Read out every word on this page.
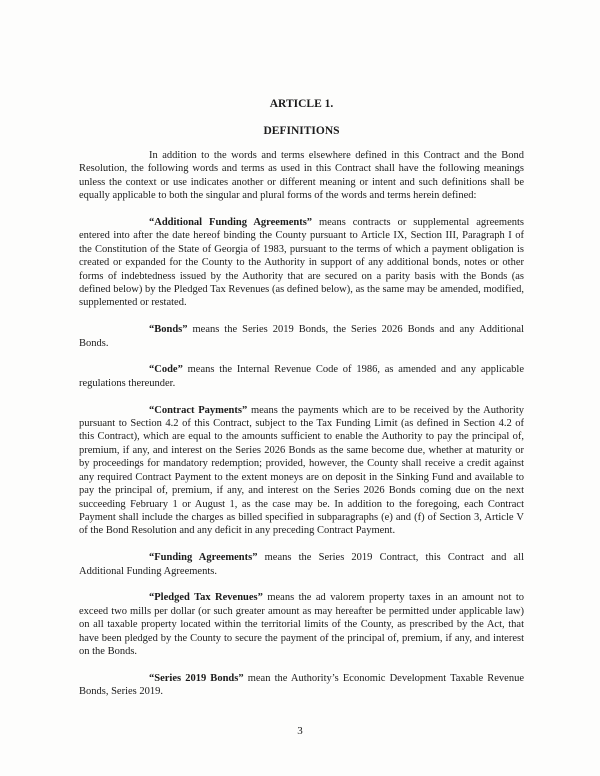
ARTICLE 1.
DEFINITIONS

In addition to the words and terms elsewhere defined in this Contract and the Bond Resolution, the following words and terms as used in this Contract shall have the following meanings unless the context or use indicates another or different meaning or intent and such definitions shall be equally applicable to both the singular and plural forms of the words and terms herein defined:

“Additional Funding Agreements” means contracts or supplemental agreements entered into after the date hereof binding the County pursuant to Article IX, Section III, Paragraph I of the Constitution of the State of Georgia of 1983, pursuant to the terms of which a payment obligation is created or expanded for the County to the Authority in support of any additional bonds, notes or other forms of indebtedness issued by the Authority that are secured on a parity basis with the Bonds (as defined below) by the Pledged Tax Revenues (as defined below), as the same may be amended, modified, supplemented or restated.

“Bonds” means the Series 2019 Bonds, the Series 2026 Bonds and any Additional Bonds.

“Code” means the Internal Revenue Code of 1986, as amended and any applicable regulations thereunder.

“Contract Payments” means the payments which are to be received by the Authority pursuant to Section 4.2 of this Contract, subject to the Tax Funding Limit (as defined in Section 4.2 of this Contract), which are equal to the amounts sufficient to enable the Authority to pay the principal of, premium, if any, and interest on the Series 2026 Bonds as the same become due, whether at maturity or by proceedings for mandatory redemption; provided, however, the County shall receive a credit against any required Contract Payment to the extent moneys are on deposit in the Sinking Fund and available to pay the principal of, premium, if any, and interest on the Series 2026 Bonds coming due on the next succeeding February 1 or August 1, as the case may be. In addition to the foregoing, each Contract Payment shall include the charges as billed specified in subparagraphs (e) and (f) of Section 3, Article V of the Bond Resolution and any deficit in any preceding Contract Payment.

“Funding Agreements” means the Series 2019 Contract, this Contract and all Additional Funding Agreements.

“Pledged Tax Revenues” means the ad valorem property taxes in an amount not to exceed two mills per dollar (or such greater amount as may hereafter be permitted under applicable law) on all taxable property located within the territorial limits of the County, as prescribed by the Act, that have been pledged by the County to secure the payment of the principal of, premium, if any, and interest on the Bonds.

“Series 2019 Bonds” mean the Authority’s Economic Development Taxable Revenue Bonds, Series 2019.

3
